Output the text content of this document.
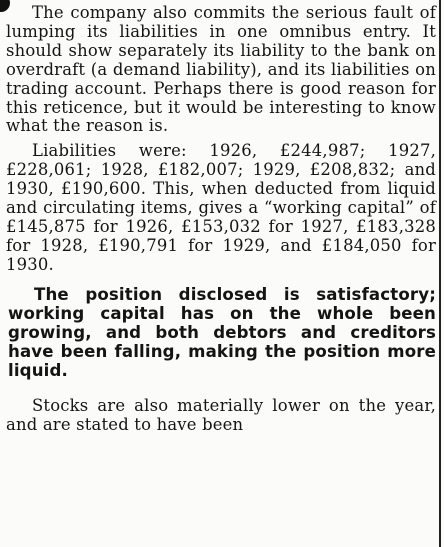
The company also commits the serious fault of lumping its liabilities in one omnibus entry. It should show separately its liability to the bank on overdraft (a demand liability), and its liabilities on trading account. Perhaps there is good reason for this reticence, but it would be interesting to know what the reason is.

Liabilities were: 1926, £244,987; 1927, £228,061; 1928, £182,007; 1929, £208,832; and 1930, £190,600. This, when deducted from liquid and circulating items, gives a “working capital” of £145,875 for 1926, £153,032 for 1927, £183,328 for 1928, £190,791 for 1929, and £184,050 for 1930.

The position disclosed is satisfactory; working capital has on the whole been growing, and both debtors and creditors have been falling, making the position more liquid.

Stocks are also materially lower on the year, and are stated to have been
